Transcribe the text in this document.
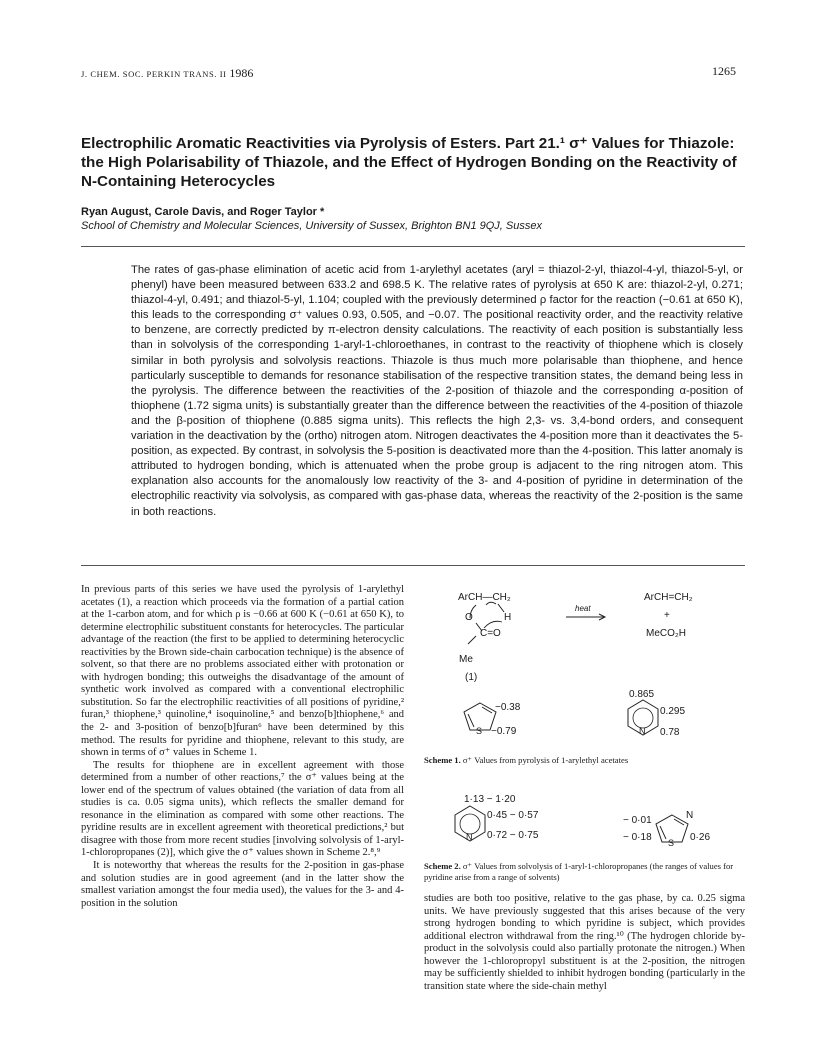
J. CHEM. SOC. PERKIN TRANS. II 1986	1265
Electrophilic Aromatic Reactivities via Pyrolysis of Esters. Part 21.¹ σ⁺ Values for Thiazole: the High Polarisability of Thiazole, and the Effect of Hydrogen Bonding on the Reactivity of N-Containing Heterocycles
Ryan August, Carole Davis, and Roger Taylor *
School of Chemistry and Molecular Sciences, University of Sussex, Brighton BN1 9QJ, Sussex
The rates of gas-phase elimination of acetic acid from 1-arylethyl acetates (aryl = thiazol-2-yl, thiazol-4-yl, thiazol-5-yl, or phenyl) have been measured between 633.2 and 698.5 K. The relative rates of pyrolysis at 650 K are: thiazol-2-yl, 0.271; thiazol-4-yl, 0.491; and thiazol-5-yl, 1.104; coupled with the previously determined ρ factor for the reaction (−0.61 at 650 K), this leads to the corresponding σ⁺ values 0.93, 0.505, and −0.07. The positional reactivity order, and the reactivity relative to benzene, are correctly predicted by π-electron density calculations. The reactivity of each position is substantially less than in solvolysis of the corresponding 1-aryl-1-chloroethanes, in contrast to the reactivity of thiophene which is closely similar in both pyrolysis and solvolysis reactions. Thiazole is thus much more polarisable than thiophene, and hence particularly susceptible to demands for resonance stabilisation of the respective transition states, the demand being less in the pyrolysis. The difference between the reactivities of the 2-position of thiazole and the corresponding α-position of thiophene (1.72 sigma units) is substantially greater than the difference between the reactivities of the 4-position of thiazole and the β-position of thiophene (0.885 sigma units). This reflects the high 2,3- vs. 3,4-bond orders, and consequent variation in the deactivation by the (ortho) nitrogen atom. Nitrogen deactivates the 4-position more than it deactivates the 5-position, as expected. By contrast, in solvolysis the 5-position is deactivated more than the 4-position. This latter anomaly is attributed to hydrogen bonding, which is attenuated when the probe group is adjacent to the ring nitrogen atom. This explanation also accounts for the anomalously low reactivity of the 3- and 4-position of pyridine in determination of the electrophilic reactivity via solvolysis, as compared with gas-phase data, whereas the reactivity of the 2-position is the same in both reactions.

In previous parts of this series we have used the pyrolysis of 1-arylethyl acetates (1), a reaction which proceeds via the formation of a partial cation at the 1-carbon atom, and for which ρ is −0.66 at 600 K (−0.61 at 650 K), to determine electrophilic substituent constants for heterocycles. The particular advantage of the reaction (the first to be applied to determining heterocyclic reactivities by the Brown side-chain carbocation technique) is the absence of solvent, so that there are no problems associated either with protonation or with hydrogen bonding; this outweighs the disadvantage of the amount of synthetic work involved as compared with a conventional electrophilic substitution. So far the electrophilic reactivities of all positions of pyridine,² furan,³ thiophene,³ quinoline,⁴ isoquinoline,⁵ and benzo[b]thiophene,⁶ and the 2- and 3-position of benzo[b]furan⁶ have been determined by this method. The results for pyridine and thiophene, relevant to this study, are shown in terms of σ⁺ values in Scheme 1.

The results for thiophene are in excellent agreement with those determined from a number of other reactions,⁷ the σ⁺ values being at the lower end of the spectrum of values obtained (the variation of data from all studies is ca. 0.05 sigma units), which reflects the smaller demand for resonance in the elimination as compared with some other reactions. The pyridine results are in excellent agreement with theoretical predictions,² but disagree with those from more recent studies [involving solvolysis of 1-aryl-1-chloropropanes (2)], which give the σ⁺ values shown in Scheme 2.⁸,⁹

It is noteworthy that whereas the results for the 2-position in gas-phase and solution studies are in good agreement (and in the latter show the smallest variation amongst the four media used), the values for the 3- and 4-position in the solution	studies are both too positive, relative to the gas phase, by ca. 0.25 sigma units. We have previously suggested that this arises because of the very strong hydrogen bonding to which pyridine is subject, which provides additional electron withdrawal from the ring.¹⁰ (The hydrogen chloride by-product in the solvolysis could also partially protonate the nitrogen.) When however the 1-chloropropyl substituent is at the 2-position, the nitrogen may be sufficiently shielded to inhibit hydrogen bonding (particularly in the transition state where the side-chain methyl

ArCH—CH₂
O	H
C=O
Me
(1)
heat
ArCH=CH₂
+
MeCO₂H
S
−0.38
−0.79	N
0.865
0.295
0.78
Scheme 1. σ⁺ Values from pyrolysis of 1-arylethyl acetates
1·13 − 1·20
0·45 − 0·57
0·72 − 0·75
N
− 0·01	N
− 0·18 S 0·26
Scheme 2. σ⁺ Values from solvolysis of 1-aryl-1-chloropropanes (the ranges of values for pyridine arise from a range of solvents)
